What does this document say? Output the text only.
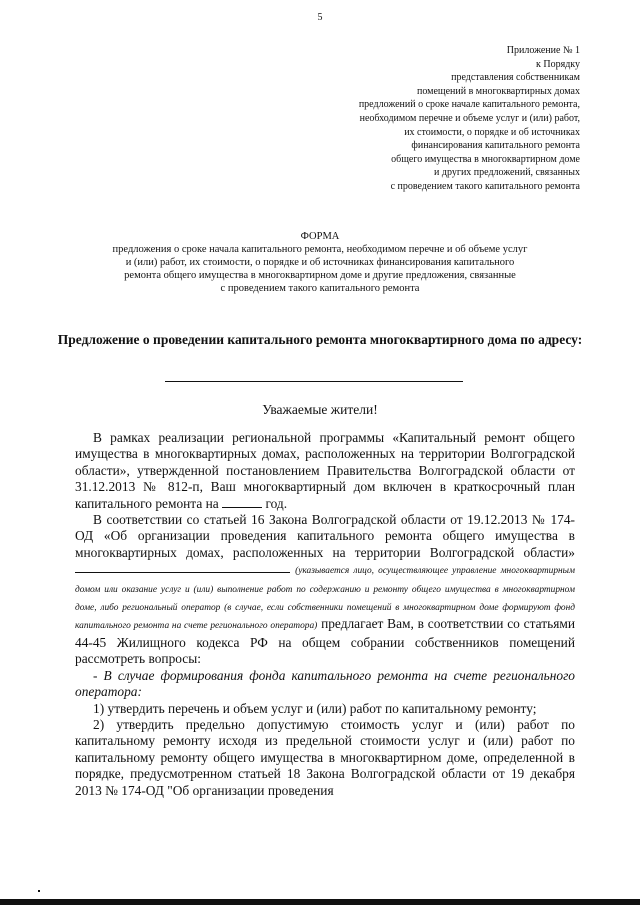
5
Приложение № 1
к Порядку
представления собственникам
помещений в многоквартирных домах
предложений о сроке начале капитального ремонта,
необходимом перечне и объеме услуг и (или) работ,
их стоимости, о порядке и об источниках
финансирования капитального ремонта
общего имущества в многоквартирном доме
и других предложений, связанных
с проведением такого капитального ремонта
ФОРМА
предложения о сроке начала капитального ремонта, необходимом перечне и об объеме услуг
и (или) работ, их стоимости, о порядке и об источниках финансирования капитального
ремонта общего имущества в многоквартирном доме и другие предложения, связанные
с проведением такого капитального ремонта
Предложение о проведении капитального ремонта многоквартирного дома по адресу:
Уважаемые жители!

В рамках реализации региональной программы «Капитальный ремонт общего имущества в многоквартирных домах, расположенных на территории Волгоградской области», утвержденной постановлением Правительства Волгоградской области от 31.12.2013 № 812-п, Ваш многоквартирный дом включен в краткосрочный план капитального ремонта на	год.

В соответствии со статьей 16 Закона Волгоградской области от 19.12.2013 № 174-ОД «Об организации проведения капитального ремонта общего имущества в многоквартирных домах, расположенных на территории Волгоградской области»  (указывается лицо, осуществляющее управление многоквартирным домом или оказание услуг и (или) выполнение работ по содержанию и ремонту общего имущества в многоквартирном доме, либо региональный оператор (в случае, если собственники помещений в многоквартирном доме формируют фонд капитального ремонта на счете регионального оператора) предлагает Вам, в соответствии со статьями 44-45 Жилищного кодекса РФ на общем собрании собственников помещений рассмотреть вопросы:

- В случае формирования фонда капитального ремонта на счете регионального оператора:

1) утвердить перечень и объем услуг и (или) работ по капитальному ремонту;

2) утвердить предельно допустимую стоимость услуг и (или) работ по капитальному ремонту исходя из предельной стоимости услуг и (или) работ по капитальному ремонту общего имущества в многоквартирном доме, определенной в порядке, предусмотренном статьей 18 Закона Волгоградской области от 19 декабря 2013 № 174-ОД "Об организации проведения
